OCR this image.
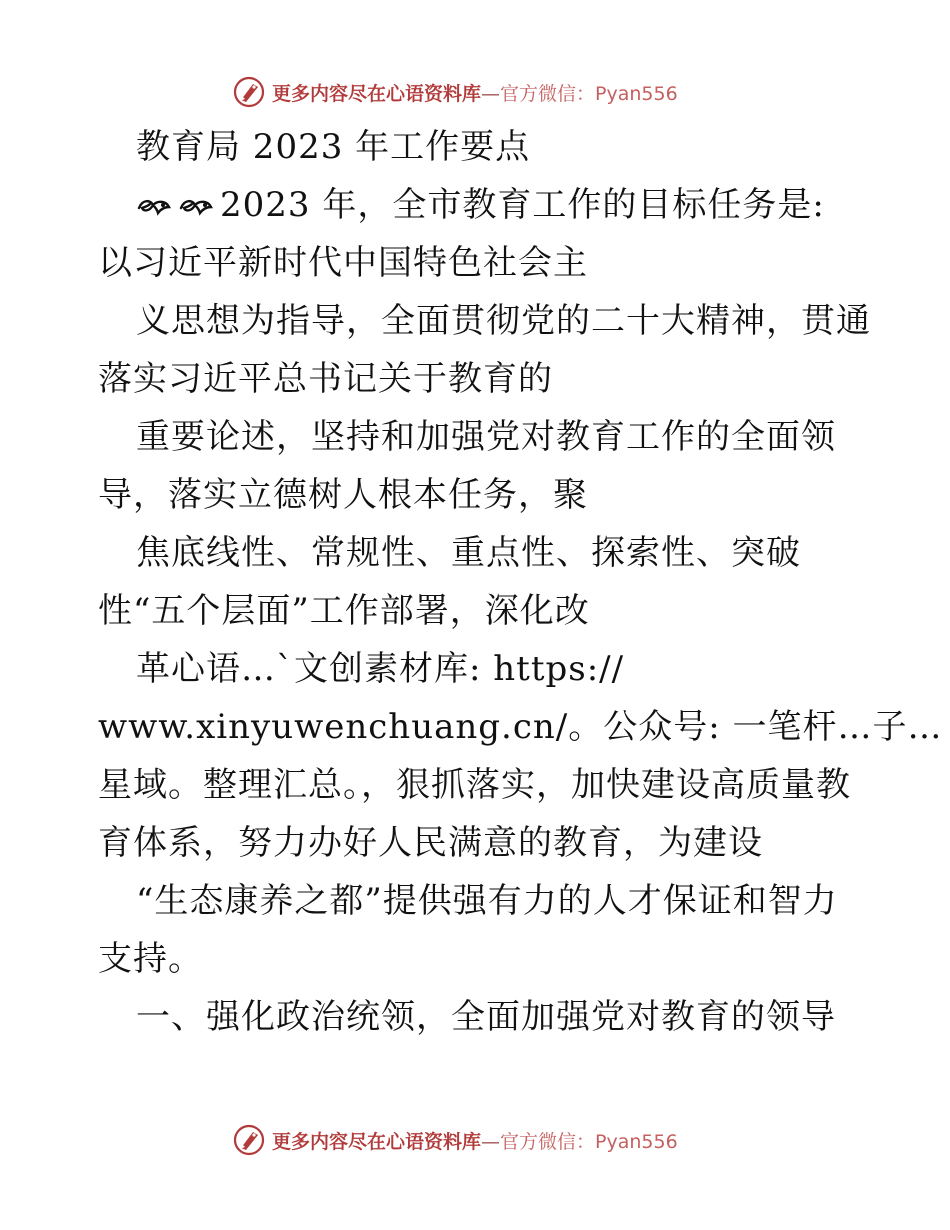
更多内容尽在心语资料库—官方微信：Pyan556
教育局 2023 年工作要点
2023 年，全市教育工作的目标任务是:
以习近平新时代中国特色社会主
义思想为指导，全面贯彻党的二十大精神，贯通
落实习近平总书记关于教育的
重要论述，坚持和加强党对教育工作的全面领
导，落实立德树人根本任务，聚
焦底线性、常规性、重点性、探索性、突破
性“五个层面”工作部署，深化改
革心语…`文创素材库: https://
www.xinyuwenchuang.cn/。公众号: 一笔杆…子…
星域。整理汇总。，狠抓落实，加快建设高质量教
育体系，努力办好人民满意的教育，为建设
“生态康养之都”提供强有力的人才保证和智力
支持。
一、强化政治统领，全面加强党对教育的领导
更多内容尽在心语资料库—官方微信：Pyan556
